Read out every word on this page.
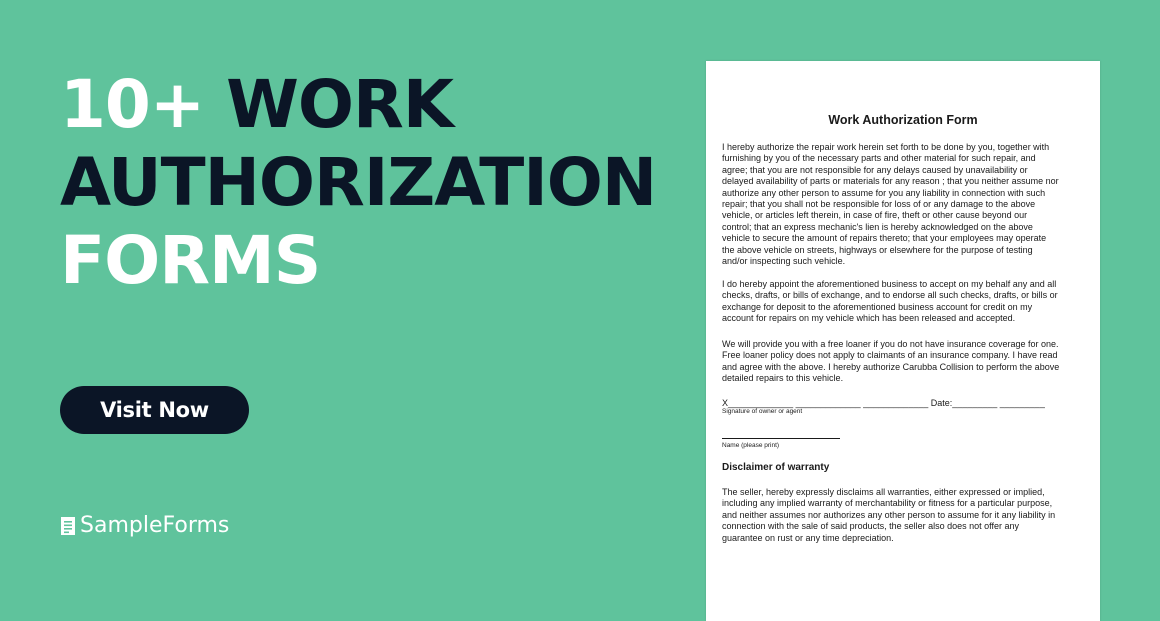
10+ WORK
AUTHORIZATION
FORMS
Visit Now
SampleForms
Work Authorization Form

I hereby authorize the repair work herein set forth to be done by you, together with
furnishing by you of the necessary parts and other material for such repair, and
agree; that you are not responsible for any delays caused by unavailability or
delayed availability of parts or materials for any reason ; that you neither assume nor
authorize any other person to assume for you any liability in connection with such
repair; that you shall not be responsible for loss of or any damage to the above
vehicle, or articles left therein, in case of fire, theft or other cause beyond our
control; that an express mechanic's lien is hereby acknowledged on the above
vehicle to secure the amount of repairs thereto; that your employees may operate
the above vehicle on streets, highways or elsewhere for the purpose of testing
and/or inspecting such vehicle.

I do hereby appoint the aforementioned business to accept on my behalf any and all
checks, drafts, or bills of exchange, and to endorse all such checks, drafts, or bills or
exchange for deposit to the aforementioned business account for credit on my
account for repairs on my vehicle which has been released and accepted.

We will provide you with a free loaner if you do not have insurance coverage for one.
Free loaner policy does not apply to claimants of an insurance company. I have read
and agree with the above. I hereby authorize Carubba Collision to perform the above
detailed repairs to this vehicle.

X_____________ _____________ _____________ Date:_________ _________
Signature of owner or agent
Name (please print)
Disclaimer of warranty

The seller, hereby expressly disclaims all warranties, either expressed or implied,
including any implied warranty of merchantability or fitness for a particular purpose,
and neither assumes nor authorizes any other person to assume for it any liability in
connection with the sale of said products, the seller also does not offer any
guarantee on rust or any time depreciation.
